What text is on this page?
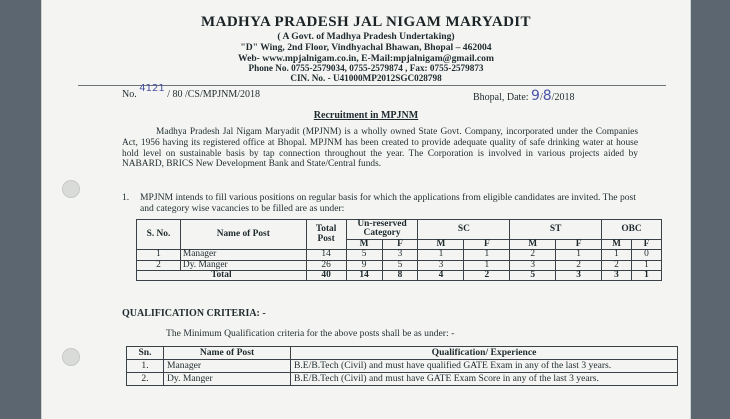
MADHYA PRADESH JAL NIGAM MARYADIT
( A Govt. of Madhya Pradesh Undertaking)
"D" Wing, 2nd Floor, Vindhyachal Bhawan, Bhopal – 462004
Web- www.mpjalnigam.co.in, E-Mail:mpjalnigam@gmail.com
Phone No. 0755-2579034, 0755-2579874 , Fax: 0755-2579873
CIN. No. - U41000MP2012SGC028798
No. 4121 / 80 /CS/MPJNM/2018	Bhopal, Date: 9/8/2018
Recruitment in MPJNM
Madhya Pradesh Jal Nigam Maryadit (MPJNM) is a wholly owned State Govt. Company, incorporated under the Companies Act, 1956 having its registered office at Bhopal. MPJNM has been created to provide adequate quality of safe drinking water at house hold level on sustainable basis by tap connection throughout the year. The Corporation is involved in various projects aided by NABARD, BRICS New Development Bank and State/Central funds.
1. MPJNM intends to fill various positions on regular basis for which the applications from eligible candidates are invited. The post and category wise vacancies to be filled are as under:
S. No.	Name of Post	Total Post	Un-reserved Category		SC		ST		OBC	
			M	F	M	F	M	F	M	F
1	Manager	14	5	3	1	1	2	1	1	0
2	Dy. Manger	26	9	5	3	1	3	2	2	1
Total		40	14	8	4	2	5	3	3	1
QUALIFICATION CRITERIA: -
The Minimum Qualification criteria for the above posts shall be as under: -
Sn.	Name of Post	Qualification/ Experience
1.	Manager	B.E/B.Tech (Civil) and must have qualified GATE Exam in any of the last 3 years.
2.	Dy. Manger	B.E/B.Tech (Civil) and must have GATE Exam Score in any of the last 3 years.
